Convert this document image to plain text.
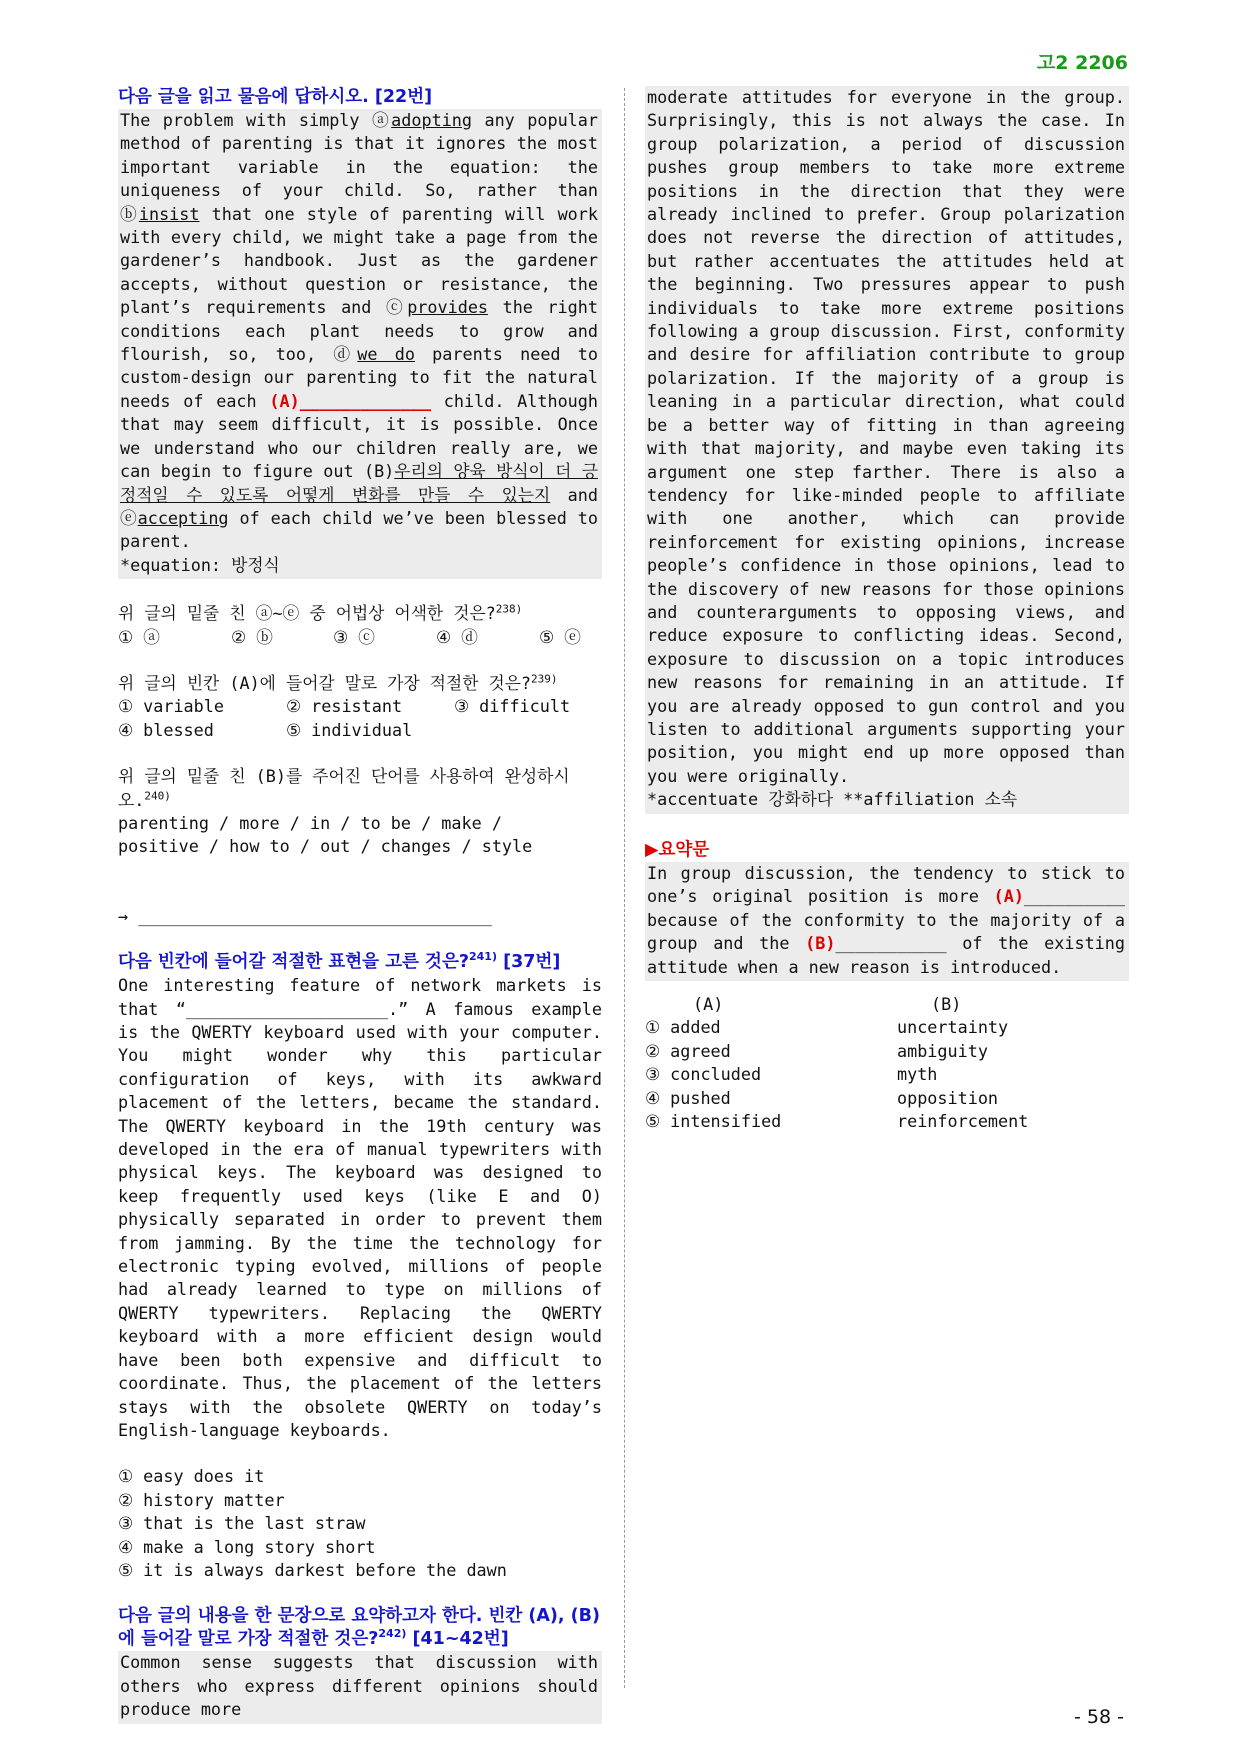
고2 2206
다음 글을 읽고 물음에 답하시오. [22번]

The problem with simply ⓐadopting any popular method of parenting is that it ignores the most important variable in the equation: the uniqueness of your child. So, rather than ⓑinsist that one style of parenting will work with every child, we might take a page from the gardener’s handbook. Just as the gardener accepts, without question or resistance, the plant’s requirements and ⓒprovides the right conditions each plant needs to grow and flourish, so, too, ⓓwe do parents need to custom-design our parenting to fit the natural needs of each (A)_____________ child. Although that may seem difficult, it is possible. Once we understand who our children really are, we can begin to figure out (B)우리의 양육 방식이 더 긍정적일 수 있도록 어떻게 변화를 만들 수 있는지 and ⓔaccepting of each child we’ve been blessed to parent.

*equation: 방정식

위 글의 밑줄 친 ⓐ~ⓔ 중 어법상 어색한 것은?$^{238)}$
① ⓐ	② ⓑ	③ ⓒ	④ ⓓ	⑤ ⓔ
위 글의 빈칸 (A)에 들어갈 말로 가장 적절한 것은?$^{239)}$
① variable	② resistant	③ difficult
④ blessed	⑤ individual
위 글의 밑줄 친 (B)를 주어진 단어를 사용하여 완성하시오.$^{240)}$
parenting / more / in / to be / make /
positive / how to / out / changes / style
→ ___________________________________
다음 빈칸에 들어갈 적절한 표현을 고른 것은?$^{241)}$ [37번]
One interesting feature of network markets is that “____________________.” A famous example is the QWERTY keyboard used with your computer. You might wonder why this particular configuration of keys, with its awkward placement of the letters, became the standard. The QWERTY keyboard in the 19th century was developed in the era of manual typewriters with physical keys. The keyboard was designed to keep frequently used keys (like E and O) physically separated in order to prevent them from jamming. By the time the technology for electronic typing evolved, millions of people had already learned to type on millions of QWERTY typewriters. Replacing the QWERTY keyboard with a more efficient design would have been both expensive and difficult to coordinate. Thus, the placement of the letters stays with the obsolete QWERTY on today’s English-language keyboards.
① easy does it
② history matter
③ that is the last straw
④ make a long story short
⑤ it is always darkest before the dawn
다음 글의 내용을 한 문장으로 요약하고자 한다. 빈칸 (A), (B)에 들어갈 말로 가장 적절한 것은?$^{242)}$ [41~42번]
Common sense suggests that discussion with others who express different opinions should produce more

moderate attitudes for everyone in the group. Surprisingly, this is not always the case. In group polarization, a period of discussion pushes group members to take more extreme positions in the direction that they were already inclined to prefer. Group polarization does not reverse the direction of attitudes, but rather accentuates the attitudes held at the beginning. Two pressures appear to push individuals to take more extreme positions following a group discussion. First, conformity and desire for affiliation contribute to group polarization. If the majority of a group is leaning in a particular direction, what could be a better way of fitting in than agreeing with that majority, and maybe even taking its argument one step farther. There is also a tendency for like-minded people to affiliate with one another, which can provide reinforcement for existing opinions, increase people’s confidence in those opinions, lead to the discovery of new reasons for those opinions and counterarguments to opposing views, and reduce exposure to conflicting ideas. Second, exposure to discussion on a topic introduces new reasons for remaining in an attitude. If you are already opposed to gun control and you listen to additional arguments supporting your position, you might end up more opposed than you were originally.

*accentuate 강화하다 **affiliation 소속

▶요약문
In group discussion, the tendency to stick to one’s original position is more (A)__________ because of the conformity to the majority of a group and the (B)___________ of the existing attitude when a new reason is introduced.
(A)	(B)
① added	uncertainty
② agreed	ambiguity
③ concluded	myth
④ pushed	opposition
⑤ intensified	reinforcement
- 58 -
